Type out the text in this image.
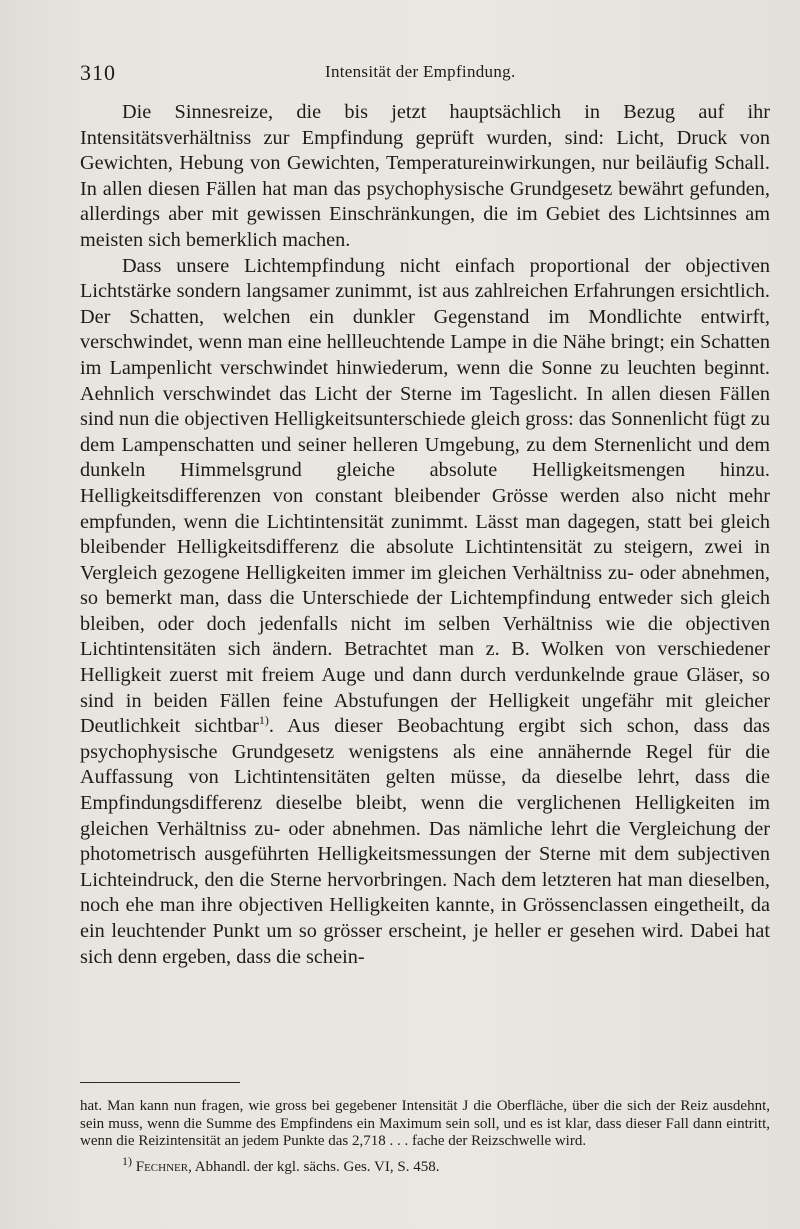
310	Intensität der Empfindung.

Die Sinnesreize, die bis jetzt hauptsächlich in Bezug auf ihr Intensitätsverhältniss zur Empfindung geprüft wurden, sind: Licht, Druck von Gewichten, Hebung von Gewichten, Temperatureinwirkungen, nur beiläufig Schall. In allen diesen Fällen hat man das psychophysische Grundgesetz bewährt gefunden, allerdings aber mit gewissen Einschränkungen, die im Gebiet des Lichtsinnes am meisten sich bemerklich machen.

Dass unsere Lichtempfindung nicht einfach proportional der objectiven Lichtstärke sondern langsamer zunimmt, ist aus zahlreichen Erfahrungen ersichtlich. Der Schatten, welchen ein dunkler Gegenstand im Mondlichte entwirft, verschwindet, wenn man eine hellleuchtende Lampe in die Nähe bringt; ein Schatten im Lampenlicht verschwindet hinwiederum, wenn die Sonne zu leuchten beginnt. Aehnlich verschwindet das Licht der Sterne im Tageslicht. In allen diesen Fällen sind nun die objectiven Helligkeitsunterschiede gleich gross: das Sonnenlicht fügt zu dem Lampenschatten und seiner helleren Umgebung, zu dem Sternenlicht und dem dunkeln Himmelsgrund gleiche absolute Helligkeitsmengen hinzu. Helligkeitsdifferenzen von constant bleibender Grösse werden also nicht mehr empfunden, wenn die Lichtintensität zunimmt. Lässt man dagegen, statt bei gleich bleibender Helligkeitsdifferenz die absolute Lichtintensität zu steigern, zwei in Vergleich gezogene Helligkeiten immer im gleichen Verhältniss zu- oder abnehmen, so bemerkt man, dass die Unterschiede der Lichtempfindung entweder sich gleich bleiben, oder doch jedenfalls nicht im selben Verhältniss wie die objectiven Lichtintensitäten sich ändern. Betrachtet man z. B. Wolken von verschiedener Helligkeit zuerst mit freiem Auge und dann durch verdunkelnde graue Gläser, so sind in beiden Fällen feine Abstufungen der Helligkeit ungefähr mit gleicher Deutlichkeit sichtbar$^{1)}$. Aus dieser Beobachtung ergibt sich schon, dass das psychophysische Grundgesetz wenigstens als eine annähernde Regel für die Auffassung von Lichtintensitäten gelten müsse, da dieselbe lehrt, dass die Empfindungsdifferenz dieselbe bleibt, wenn die verglichenen Helligkeiten im gleichen Verhältniss zu- oder abnehmen. Das nämliche lehrt die Vergleichung der photometrisch ausgeführten Helligkeitsmessungen der Sterne mit dem subjectiven Lichteindruck, den die Sterne hervorbringen. Nach dem letzteren hat man dieselben, noch ehe man ihre objectiven Helligkeiten kannte, in Grössenclassen eingetheilt, da ein leuchtender Punkt um so grösser erscheint, je heller er gesehen wird. Dabei hat sich denn ergeben, dass die schein-

hat. Man kann nun fragen, wie gross bei gegebener Intensität J die Oberfläche, über die sich der Reiz ausdehnt, sein muss, wenn die Summe des Empfindens ein Maximum sein soll, und es ist klar, dass dieser Fall dann eintritt, wenn die Reizintensität an jedem Punkte das 2,718 . . . fache der Reizschwelle wird.

$^{1)}$ Fechner, Abhandl. der kgl. sächs. Ges. VI, S. 458.
